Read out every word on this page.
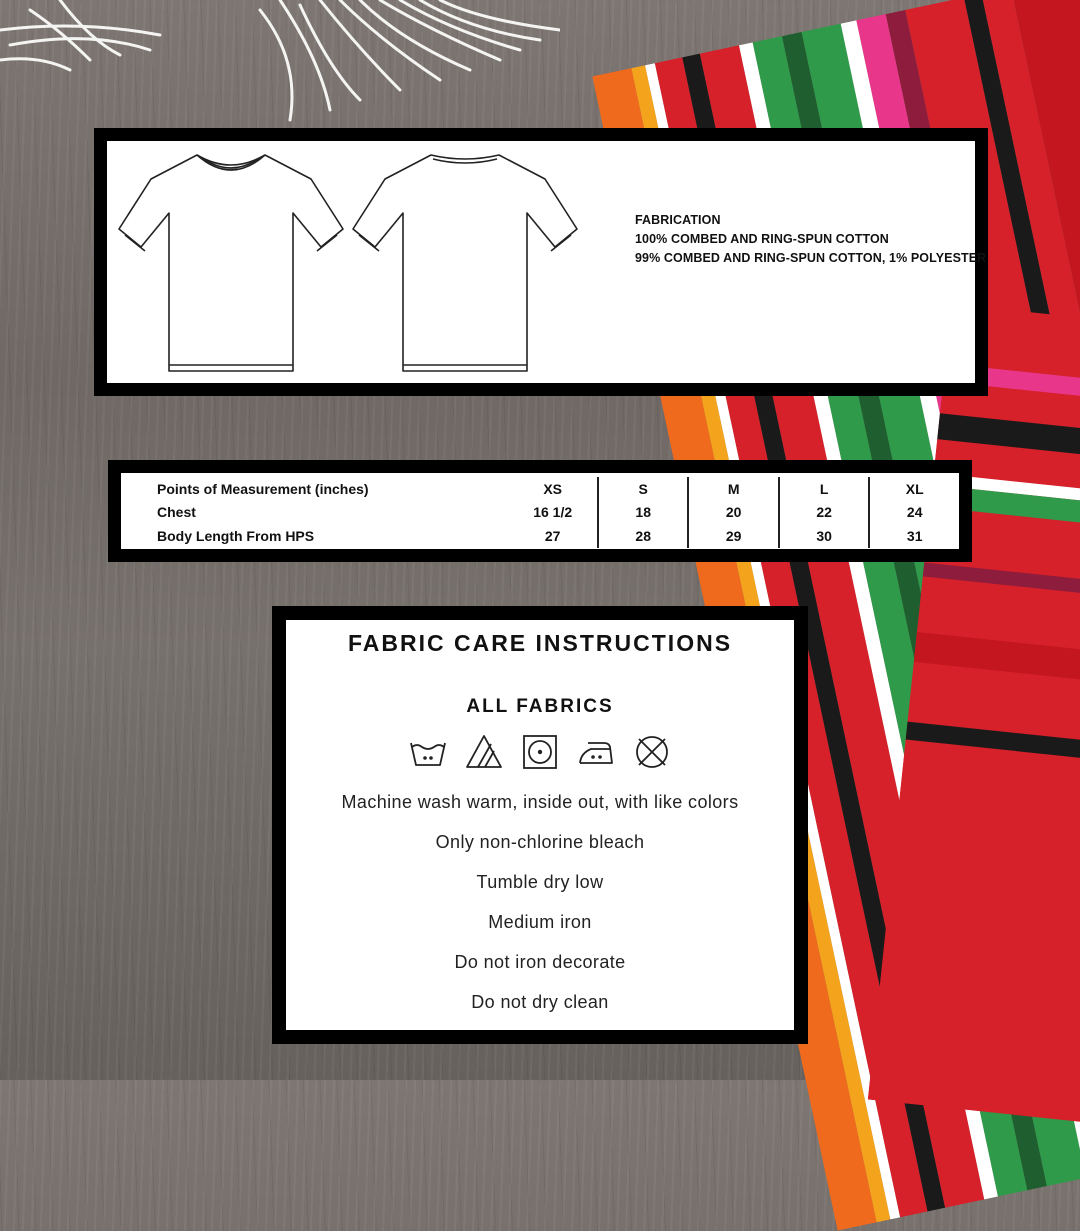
FABRICATION
100% COMBED AND RING-SPUN COTTON
99% COMBED AND RING-SPUN COTTON, 1% POLYESTER
Points of Measurement (inches)	XS	S	M	L	XL
Chest	16 1/2	18	20	22	24
Body Length From HPS	27	28	29	30	31
FABRIC CARE INSTRUCTIONS
ALL FABRICS
Machine wash warm, inside out, with like colors
Only non-chlorine bleach
Tumble dry low
Medium iron
Do not iron decorate
Do not dry clean
